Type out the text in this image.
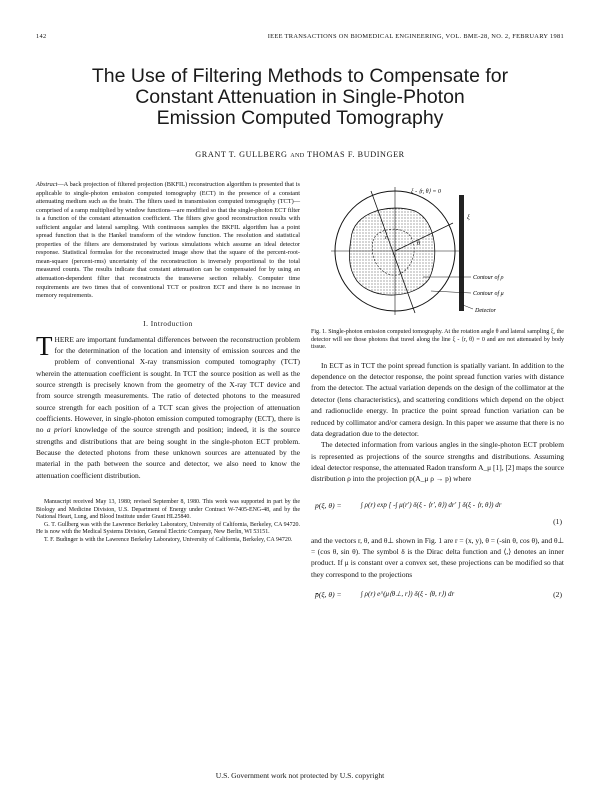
142	IEEE TRANSACTIONS ON BIOMEDICAL ENGINEERING, VOL. BME-28, NO. 2, FEBRUARY 1981
The Use of Filtering Methods to Compensate for
Constant Attenuation in Single-Photon
Emission Computed Tomography
GRANT T. GULLBERG AND THOMAS F. BUDINGER
Abstract—A back projection of filtered projection (BKFIL) reconstruction algorithm is presented that is applicable to single-photon emission computed tomography (ECT) in the presence of a constant attenuating medium such as the brain. The filters used in transmission computed tomography (TCT)—comprised of a ramp multiplied by window functions—are modified so that the single-photon ECT filter is a function of the constant attenuation coefficient. The filters give good reconstruction results with sufficient angular and lateral sampling. With continuous samples the BKFIL algorithm has a point spread function that is the Hankel transform of the window function. The resolution and statistical properties of the filters are demonstrated by various simulations which assume an ideal detector response. Statistical formulas for the reconstructed image show that the square of the percent-root-mean-square (percent-rms) uncertainty of the reconstruction is inversely proportional to the total measured counts. The results indicate that constant attenuation can be compensated for by using an attenuation-dependent filter that reconstructs the transverse section reliably. Computer time requirements are two times that of conventional TCT or positron ECT and there is no increase in memory requirements.
I. Introduction

THERE are important fundamental differences between the reconstruction problem for the determination of the location and intensity of emission sources and the problem of conventional X-ray transmission computed tomography (TCT) wherein the attenuation coefficient is sought. In TCT the source position as well as the source strength is precisely known from the geometry of the X-ray TCT device and from source strength measurements. The ratio of detected photons to the measured source strength for each position of a TCT scan gives the projection of attenuation coefficients. However, in single-photon emission computed tomography (ECT), there is no a priori knowledge of the source strength and position; indeed, it is the source strengths and distributions that are being sought in the single-photon ECT problem. Because the detected photons from these unknown sources are attenuated by the material in the path between the source and detector, we also need to know the attenuation coefficient distribution.

Manuscript received May 13, 1980; revised September 8, 1980. This work was supported in part by the Biology and Medicine Division, U.S. Department of Energy under Contract W-7405-ENG-48, and by the National Heart, Lung, and Blood Institute under Grant HL25840.

G. T. Gullberg was with the Lawrence Berkeley Laboratory, University of California, Berkeley, CA 94720. He is now with the Medical Systems Division, General Electric Company, New Berlin, WI 53151.

T. F. Budinger is with the Lawrence Berkeley Laboratory, University of California, Berkeley, CA 94720.

ξ - ⟨r, θ⟩ = 0
Contour of ρ
Contour of μ
Detector
θ
ξ
r
Fig. 1. Single-photon emission computed tomography. At the rotation angle θ and lateral sampling ξ, the detector will see those photons that travel along the line ξ - ⟨r, θ⟩ = 0 and are not attenuated by body tissue.

In ECT as in TCT the point spread function is spatially variant. In addition to the dependence on the detector response, the point spread function varies with distance from the detector. The actual variation depends on the design of the collimator at the detector (lens characteristics), and scattering conditions which depend on the object and radionuclide energy. In practice the point spread function variation can be reduced by collimator and/or camera design. In this paper we assume that there is no data degradation due to the detector.

The detected information from various angles in the single-photon ECT problem is represented as projections of the source strengths and distributions. Assuming ideal detector response, the attenuated Radon transform A_μ [1], [2] maps the source distribution ρ into the projection p(A_μ ρ → p) where

p(ξ, θ) =	∫ ρ(r) exp [ -∫ μ(r′) δ(ξ - ⟨r′, θ⟩) dr′ ] δ(ξ - ⟨r, θ⟩) dr
(1)

and the vectors r, θ, and θ⊥ shown in Fig. 1 are r = (x, y), θ = (-sin θ, cos θ), and θ⊥ = (cos θ, sin θ). The symbol δ is the Dirac delta function and ⟨,⟩ denotes an inner product. If μ is constant over a convex set, these projections can be modified so that they correspond to the projections

p̄(ξ, θ) =	∫ ρ(r) e^(μ⟨θ⊥, r⟩) δ(ξ - ⟨θ, r⟩) dr	(2)
U.S. Government work not protected by U.S. copyright
